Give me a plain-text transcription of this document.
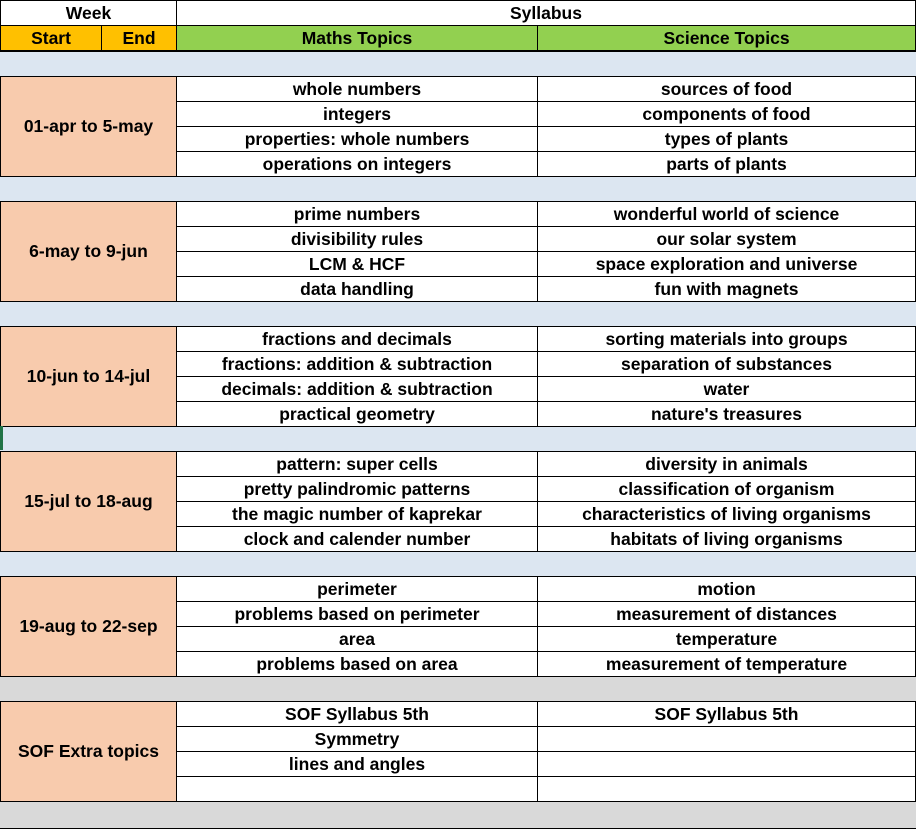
Week	Syllabus
Start	End	Maths Topics	Science Topics
01-apr to 5-may
whole numbers	sources of food
integers	components of food
properties: whole numbers	types of plants
operations on integers	parts of plants
6-may to 9-jun
prime numbers	wonderful world of science
divisibility rules	our solar system
LCM & HCF	space exploration and universe
data handling	fun with magnets
10-jun to 14-jul
fractions and decimals	sorting materials into groups
fractions: addition & subtraction	separation of substances
decimals: addition & subtraction	water
practical geometry	nature's treasures
15-jul to 18-aug
pattern: super cells	diversity in animals
pretty palindromic patterns	classification of organism
the magic number of kaprekar	characteristics of living organisms
clock and calender number	habitats of living organisms
19-aug to 22-sep
perimeter	motion
problems based on perimeter	measurement of distances
area	temperature
problems based on area	measurement of temperature
SOF Extra topics
SOF Syllabus 5th	SOF Syllabus 5th
Symmetry
lines and angles
